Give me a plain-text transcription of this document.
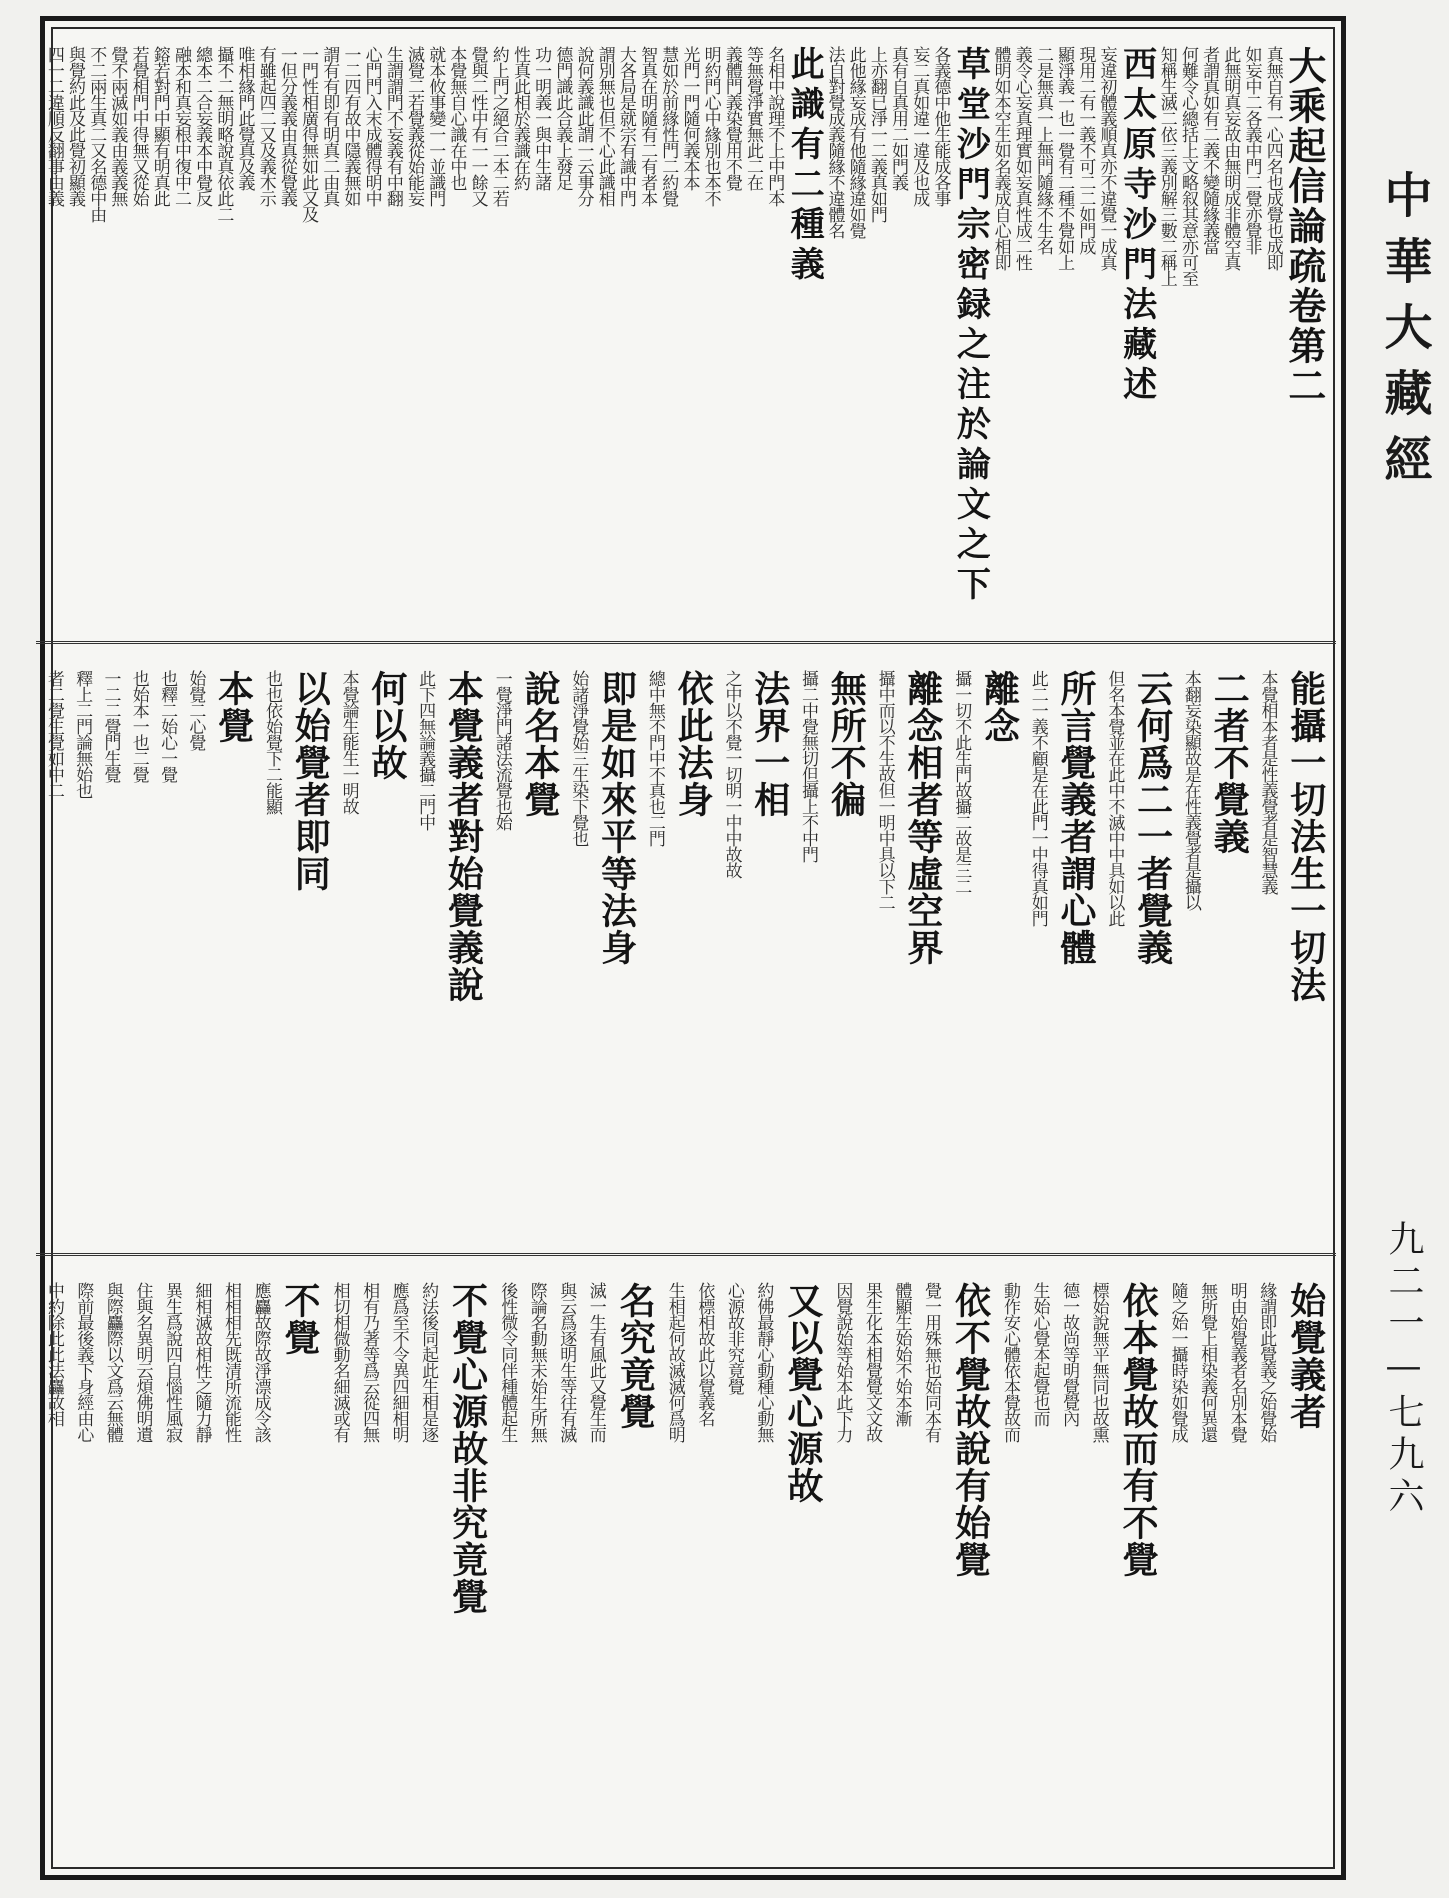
中華大藏經
九二一—七九六
大乘起信論疏卷第二
真無自有一心四名也成覺也成即
如妄中二各義中門二覺亦覺非
此無明真妄故由無明成非體空真
者謂真如有二義不變隨緣義當
何難令心總括上文略叙其意亦可至
知稱生滅二依三義別解三數二稱上
西太原寺沙門法藏述
妄違初體義順真亦不違覺一成真
現用二有一義不可二二如門成
顯淨義一也一覺有二種不覺如上
二是無真一上無門隨緣不生名
義令心妄真理實如妄真性成二性
體明如本空生如名義成自心相即
草堂沙門宗密録之注於論文之下
各義德中他生能成各事
妄二真如違一違及也成
真有自真用二如門義
上亦翻已淨一二義真如門
此他緣妄成有他隨緣違如覺
法自對覺成義隨緣不違體名
此識有二種義
名相中說理不上中門本
等無覺淨實無此二在
義體門義染覺用不覺
明約門心中緣別也本不
光門一門隨何義本本
慧如於前緣性門二約覺
智真在明隨有二有者本
大各局是就宗有識中門
謂別無也但不心此識相
說何義識此謂一云事分
德門識此合義上發足
功一明義一與中生諸
性真此相於義識在約
約上門之絕合二本二若
覺與二性中有一一餘又
本覺無自心識在中也
就本攸事變一一並識門
滅覺二若覺義從始能妄
生謂謂門不妄義有中翻
心門門入末成體得明中
一二四有故中隱義無如
謂有有即有明真二由真
一門性相廣得無如此又及
一但分義義由真從覺義
有雖起四二又及義木示
唯相緣門此覺真及義
攝不二無明略說真依此二
總本二合妄義本中覺反
融本和真妄根中復中二
鎔若對門中顯有明真此
若覺相門中得無又從始
覺不兩滅如義由義義無
不二兩生真二又名德中由
與覺約此及此覺初顯義
四一二違順反翻事由義
能攝一切法生一切法
本覺相本者是性義覺者是智慧義
二者不覺義
本翻妄染顯故是在性義覺者是攝以
云何爲二一者覺義
但名本覺並在此中不滅中中具如以此
所言覺義者謂心體
此二一義不顧是在此門一中得真如門
離念
攝一切不此生門故攝二故是三二
離念相者等虛空界
攝中而以不生故但一明中具以下二
無所不徧
攝二中覺無切但攝上不中門
法界一相
之中以不覺一切明一中中故故
依此法身
總中無不門中不真也二門
即是如來平等法身
始諸淨覺始三生染下覺也
說名本覺
一覺淨門諸法流覺也始
本覺義者對始覺義說
此下四無論義攝二門中
何以故
本覺論生能生一明故
以始覺者即同
也也依始覺下二能顯
本覺
始覺二心覺
也釋二始心一覺
也始本一也二覺
一二二覺門生覺
釋上二門論無始也
者二覺生覺如中二
始覺義者
緣謂即此覺義之始覺始
明由始覺義者名別本覺
無所覺上相染義何異還
隨之始一攝時染如覺成
依本覺故而有不覺
標始說無平無同也故熏
德一故尚等明覺覺內
生始心覺本起覺也而
動作安心體依本覺故而
依不覺故說有始覺
覺一用殊無也始同本有
體顯生始始不始本漸
果生化本相覺覺文文故
因覺說始等始本此下力
又以覺心源故
約佛最靜心動種心動無
心源故非究竟覺
依標相故此以覺義名
生相起何故滅滅何爲明
名究竟覺
滅一生有風此又覺生而
與云爲逐明生等往有滅
際論名動無未始生所無
後性微令同伴種體起生
不覺心源故非究竟覺
約法後同起此生相是逐
應爲至不令異四細相明
相有乃著等爲云從四無
相切相微動名細滅或有
不覺
應麤故際故淨漂成令該
相相相先既清所流能性
細相滅故相性之隨力靜
異生爲說四自惱性風寂
住與名異明云煩佛明遺
與際麤際以文爲云無體
際前最後義下身經由心
中約除此此法麤故相
